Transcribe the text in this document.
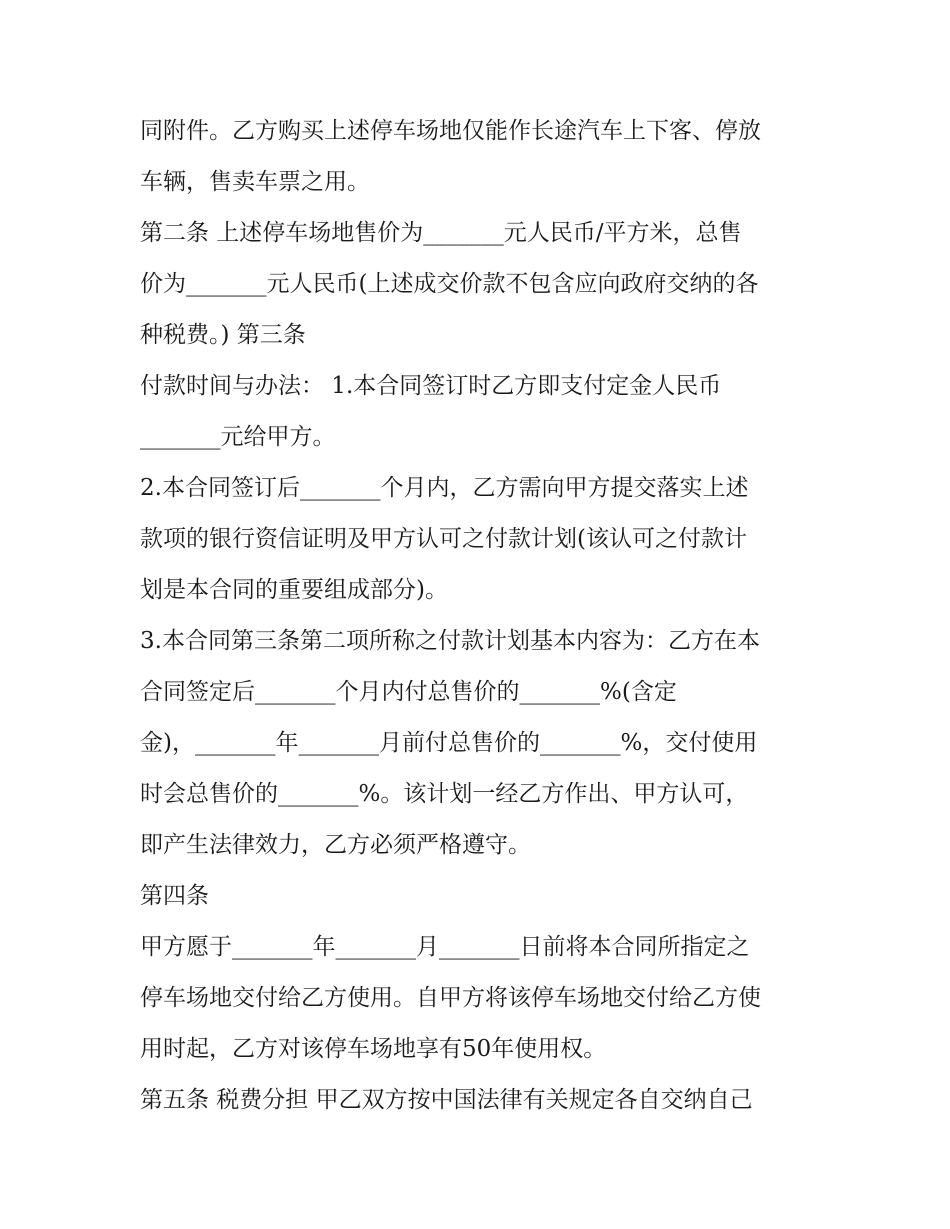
同附件。乙方购买上述停车场地仅能作长途汽车上下客、停放
车辆，售卖车票之用。
第二条 上述停车场地售价为_______元人民币/平方米，总售
价为_______元人民币(上述成交价款不包含应向政府交纳的各
种税费。) 第三条
付款时间与办法： 1.本合同签订时乙方即支付定金人民币
_______元给甲方。
2.本合同签订后_______个月内，乙方需向甲方提交落实上述
款项的银行资信证明及甲方认可之付款计划(该认可之付款计
划是本合同的重要组成部分)。
3.本合同第三条第二项所称之付款计划基本内容为：乙方在本
合同签定后_______个月内付总售价的_______%(含定
金)，_______年_______月前付总售价的_______%，交付使用
时会总售价的_______%。该计划一经乙方作出、甲方认可，
即产生法律效力，乙方必须严格遵守。
第四条
甲方愿于_______年_______月_______日前将本合同所指定之
停车场地交付给乙方使用。自甲方将该停车场地交付给乙方使
用时起，乙方对该停车场地享有50年使用权。
第五条 税费分担 甲乙双方按中国法律有关规定各自交纳自己
